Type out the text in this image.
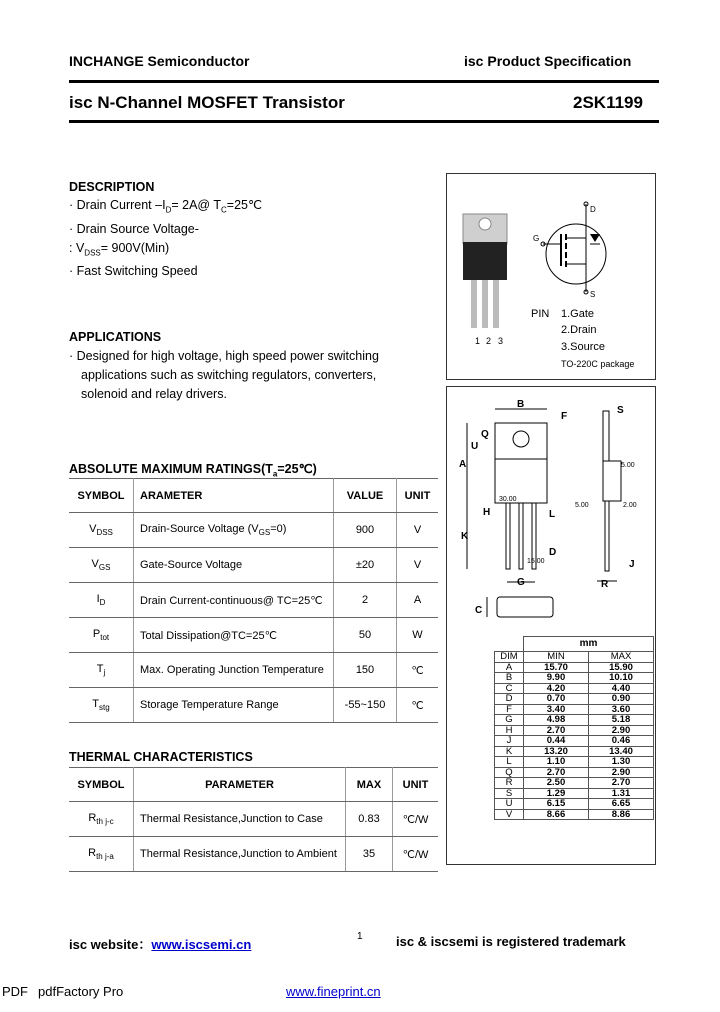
INCHANGE Semiconductor	isc Product Specification
isc N-Channel MOSFET Transistor	2SK1199
DESCRIPTION
· Drain Current $-I_D=$ 2A@ $T_C=25℃$
· Drain Source Voltage-
: $V_{DSS}= 900V(Min)$
· Fast Switching Speed
APPLICATIONS
· Designed for high voltage, high speed power switching
applications such as switching regulators, converters,
solenoid and relay drivers.
ABSOLUTE MAXIMUM $RATINGS(T_a=25℃)$
SYMBOL	ARAMETER	VALUE	UNIT
$V_{DSS}$	Drain-Source Voltage $(V_{GS}=0)$	900	V
$V_{GS}$	Gate-Source Voltage	±20	V
$I_D$	Drain Current-continuous@ TC=25℃	2	A
$P_{tot}$	Total Dissipation@TC=25℃	50	W
$T_j$	Max. Operating Junction Temperature	150	℃
$T_{stg}$	Storage Temperature Range	-55~150	℃
THERMAL CHARACTERISTICS
SYMBOL	PARAMETER	MAX	UNIT
$R_{th j-c}$	Thermal Resistance,Junction to Case	0.83	℃/W
$R_{th j-a}$	Thermal Resistance,Junction to Ambient	35	℃/W
D
S
G
1 2 3
PIN 1.Gate
2.Drain
3.Source
TO-220C package
B
F
S
Q
U
A
H	L
K
D
G
J
R
C
30.00
15.00
5.00
5.00	2.00
	mm	
DIM	MIN	MAX
A	15.70	15.90
B	9.90	10.10
C	4.20	4.40
D	0.70	0.90
F	3.40	3.60
G	4.98	5.18
H	2.70	2.90
J	0.44	0.46
K	13.20	13.40
L	1.10	1.30
Q	2.70	2.90
R	2.50	2.70
S	1.29	1.31
U	6.15	6.65
V	8.66	8.86
isc website：www.iscsemi.cn
1	isc & iscsemi is registered trademark
PDF pdfFactory Pro	www.fineprint.cn
